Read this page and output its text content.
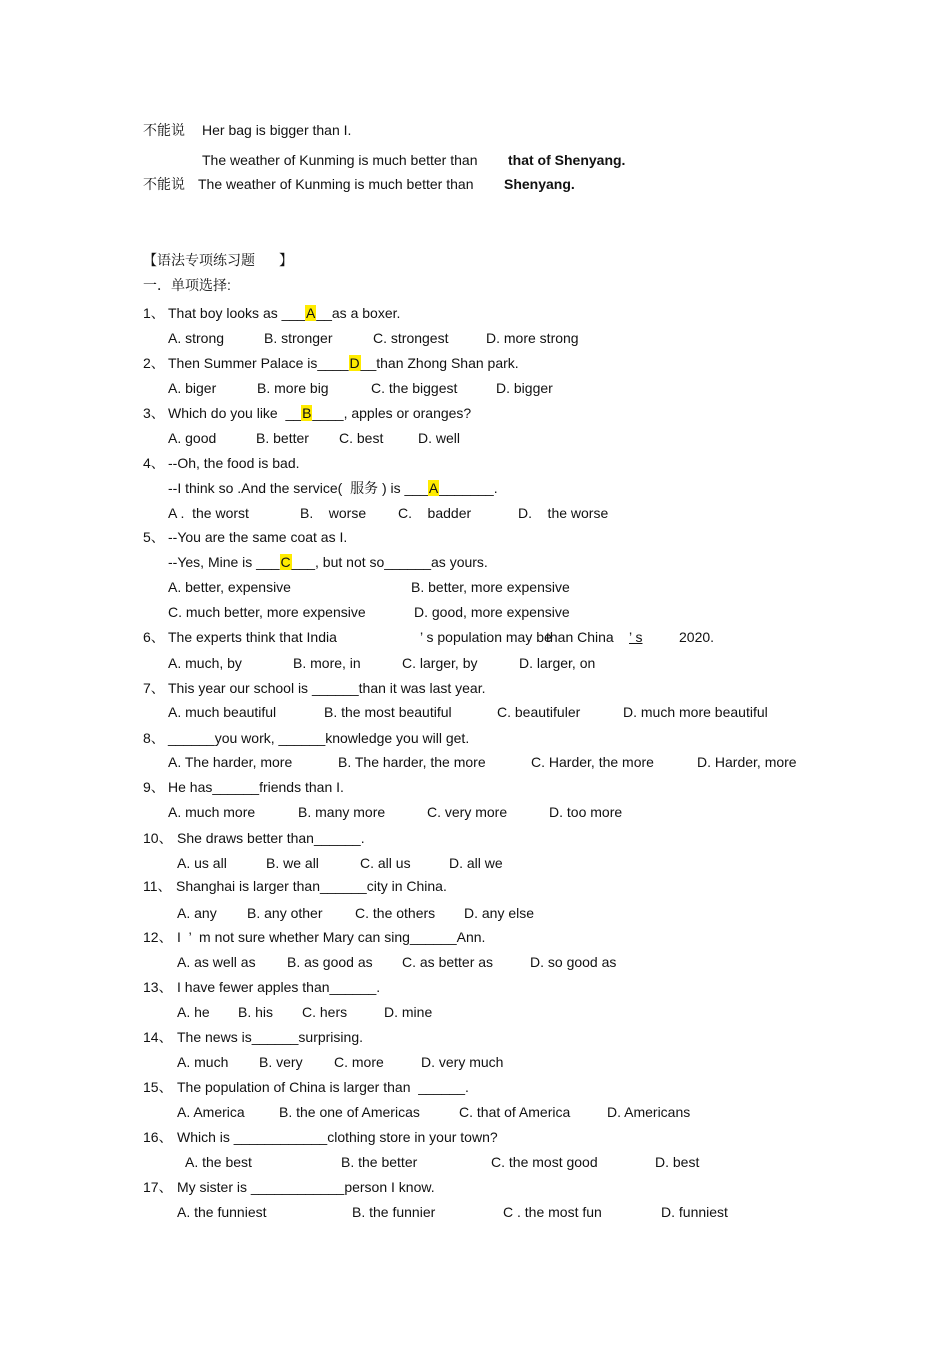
不能说 Her bag is bigger than I.
The weather of Kunming is much better than that of Shenyang.
不能说 The weather of Kunming is much better than Shenyang.
【语法专项练习题 】
一．单项选择:
1、 That boy looks as ___A__as a boxer.
A. strong	B. stronger	C. strongest	D. more strong
2、 Then Summer Palace is____D__than Zhong Shan park.
A. biger	B. more big	C. the biggest	D. bigger
3、 Which do you like  __B____, apples or oranges?
A. good	B. better C. best D. well
4、 --Oh, the food is bad.
--I think so .And the service(  服务 ) is ___A_______.
A .  the worst	B.    worse C.    badder	D.    the worse
5、 --You are the same coat as I.
--Yes, Mine is ___C___, but not so______as yours.
A. better, expensive	B. better, more expensive
C. much better, more expensive	D. good, more expensive
6、 The experts think that India	’ s population may be
than China ’ s	2020.
A. much, by	B. more, in	C. larger, by	D. larger, on
7、 This year our school is ______than it was last year.
A. much beautiful	B. the most beautiful	C. beautifuler	D. much more beautiful
8、 ______you work, ______knowledge you will get.
A. The harder, more	B. The harder, the more	C. Harder, the more	D. Harder, more
9、 He has______friends than I.
A. much more	B. many more	C. very more	D. too more
10、 She draws better than______.
A. us all	B. we all	C. all us	D. all we
11、 Shanghai is larger than______city in China.
A. any B. any other C. the others D. any else
12、 I  ’  m not sure whether Mary can sing______Ann.
A. as well as B. as good as C. as better as	D. so good as
13、 I have fewer apples than______.
A. he B. his C. hers	D. mine
14、 The news is______surprising.
A. much B. very C. more	D. very much
15、 The population of China is larger than  ______.
A. America B. the one of Americas	C. that of America	D. Americans
16、 Which is ____________clothing store in your town?
A. the best	B. the better	C. the most good	D. best
17、 My sister is ____________person I know.
A. the funniest	B. the funnier	C . the most fun	D. funniest
